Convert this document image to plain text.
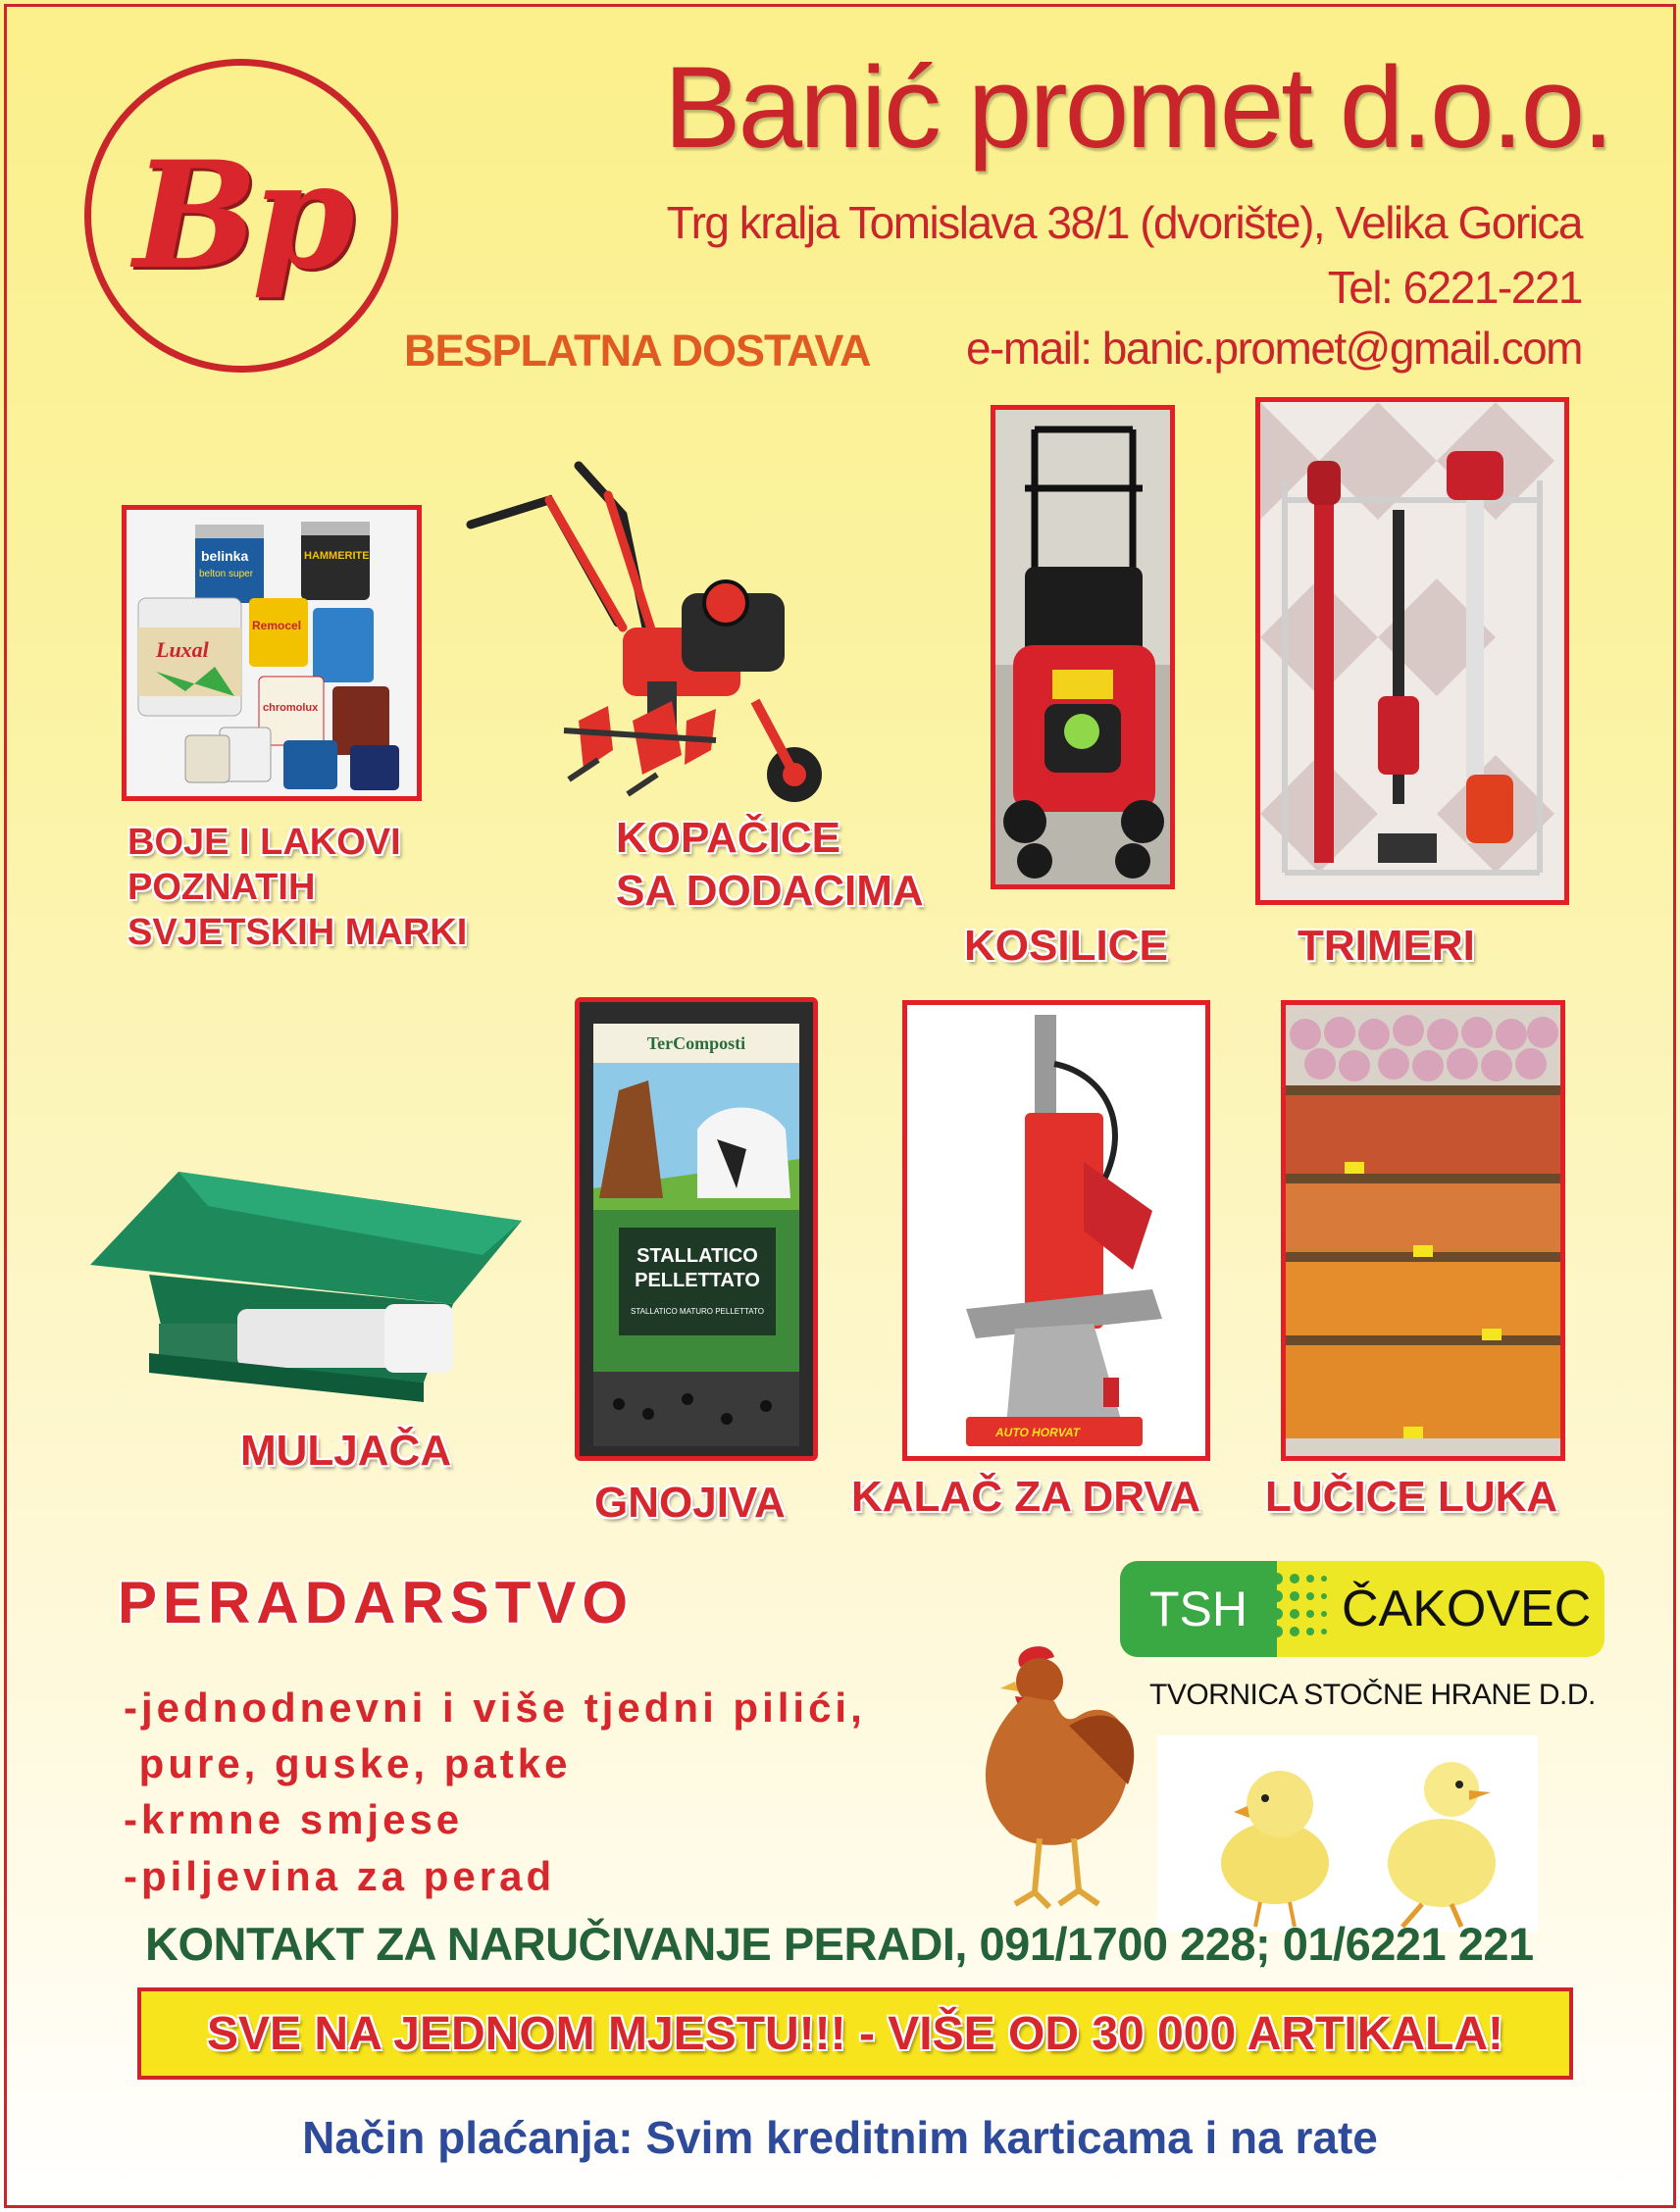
Bp
Banić promet d.o.o.
Trg kralja Tomislava 38/1 (dvorište), Velika Gorica
Tel: 6221-221
e-mail: banic.promet@gmail.com
BESPLATNA DOSTAVA
belinka
belton super
HAMMERITE
Luxal
Remocel
chromolux
BOJE I LAKOVI
POZNATIH
SVJETSKIH MARKI
KOPAČICE
SA DODACIMA
KOSILICE	TRIMERI
MULJAČA
TerComposti
STALLATICO
PELLETTATO
STALLATICO MATURO PELLETTATO
GNOJIVA
AUTO HORVAT
KALAČ ZA DRVA LUČICE LUKA
PERADARSTVO
-jednodnevni i više tjedni pilići,
pure, guske, patke
-krmne smjese
-piljevina za perad
TSH	ČAKOVEC
TVORNICA STOČNE HRANE D.D.
KONTAKT ZA NARUČIVANJE PERADI, 091/1700 228; 01/6221 221
SVE NA JEDNOM MJESTU!!! - VIŠE OD 30 000 ARTIKALA!
Način plaćanja: Svim kreditnim karticama i na rate
